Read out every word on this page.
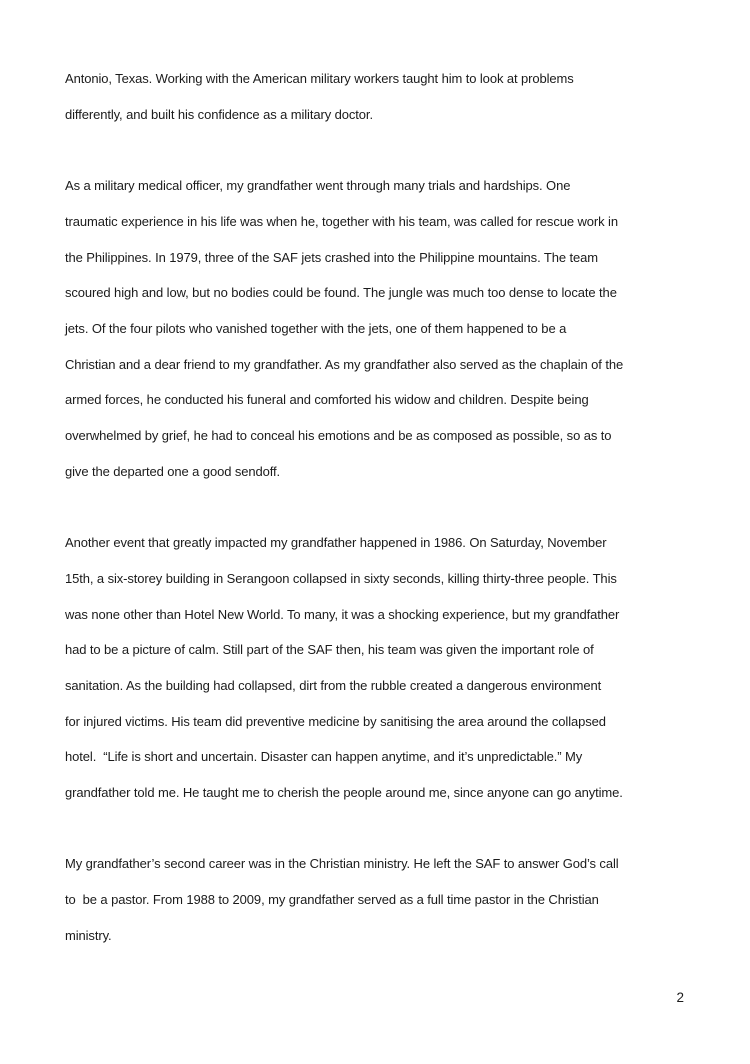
Antonio, Texas. Working with the American military workers taught him to look at problems
differently, and built his confidence as a military doctor.
As a military medical officer, my grandfather went through many trials and hardships. One
traumatic experience in his life was when he, together with his team, was called for rescue work in
the Philippines. In 1979, three of the SAF jets crashed into the Philippine mountains. The team
scoured high and low, but no bodies could be found. The jungle was much too dense to locate the
jets. Of the four pilots who vanished together with the jets, one of them happened to be a
Christian and a dear friend to my grandfather. As my grandfather also served as the chaplain of the
armed forces, he conducted his funeral and comforted his widow and children. Despite being
overwhelmed by grief, he had to conceal his emotions and be as composed as possible, so as to
give the departed one a good sendoff.
Another event that greatly impacted my grandfather happened in 1986. On Saturday, November
15th, a six-storey building in Serangoon collapsed in sixty seconds, killing thirty-three people. This
was none other than Hotel New World. To many, it was a shocking experience, but my grandfather
had to be a picture of calm. Still part of the SAF then, his team was given the important role of
sanitation. As the building had collapsed, dirt from the rubble created a dangerous environment
for injured victims. His team did preventive medicine by sanitising the area around the collapsed
hotel.  “Life is short and uncertain. Disaster can happen anytime, and it’s unpredictable.” My
grandfather told me. He taught me to cherish the people around me, since anyone can go anytime.
My grandfather’s second career was in the Christian ministry. He left the SAF to answer God’s call
to  be a pastor. From 1988 to 2009, my grandfather served as a full time pastor in the Christian
ministry.
2
